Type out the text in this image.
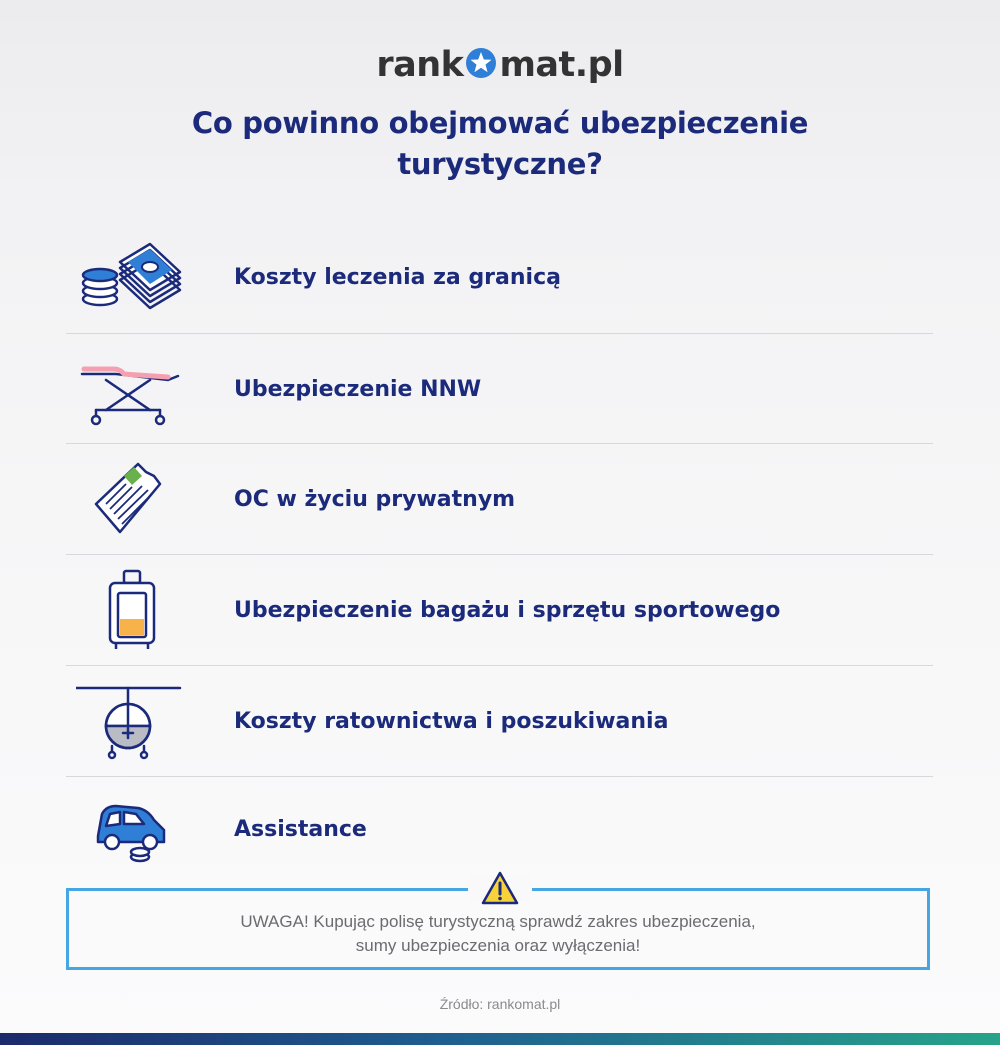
rank mat.pl
Co powinno obejmować ubezpieczenie
turystyczne?
Koszty leczenia za granicą
Ubezpieczenie NNW
OC w życiu prywatnym
Ubezpieczenie bagażu i sprzętu sportowego
Koszty ratownictwa i poszukiwania
Assistance
UWAGA! Kupując polisę turystyczną sprawdź zakres ubezpieczenia,
sumy ubezpieczenia oraz wyłączenia!
Źródło: rankomat.pl
